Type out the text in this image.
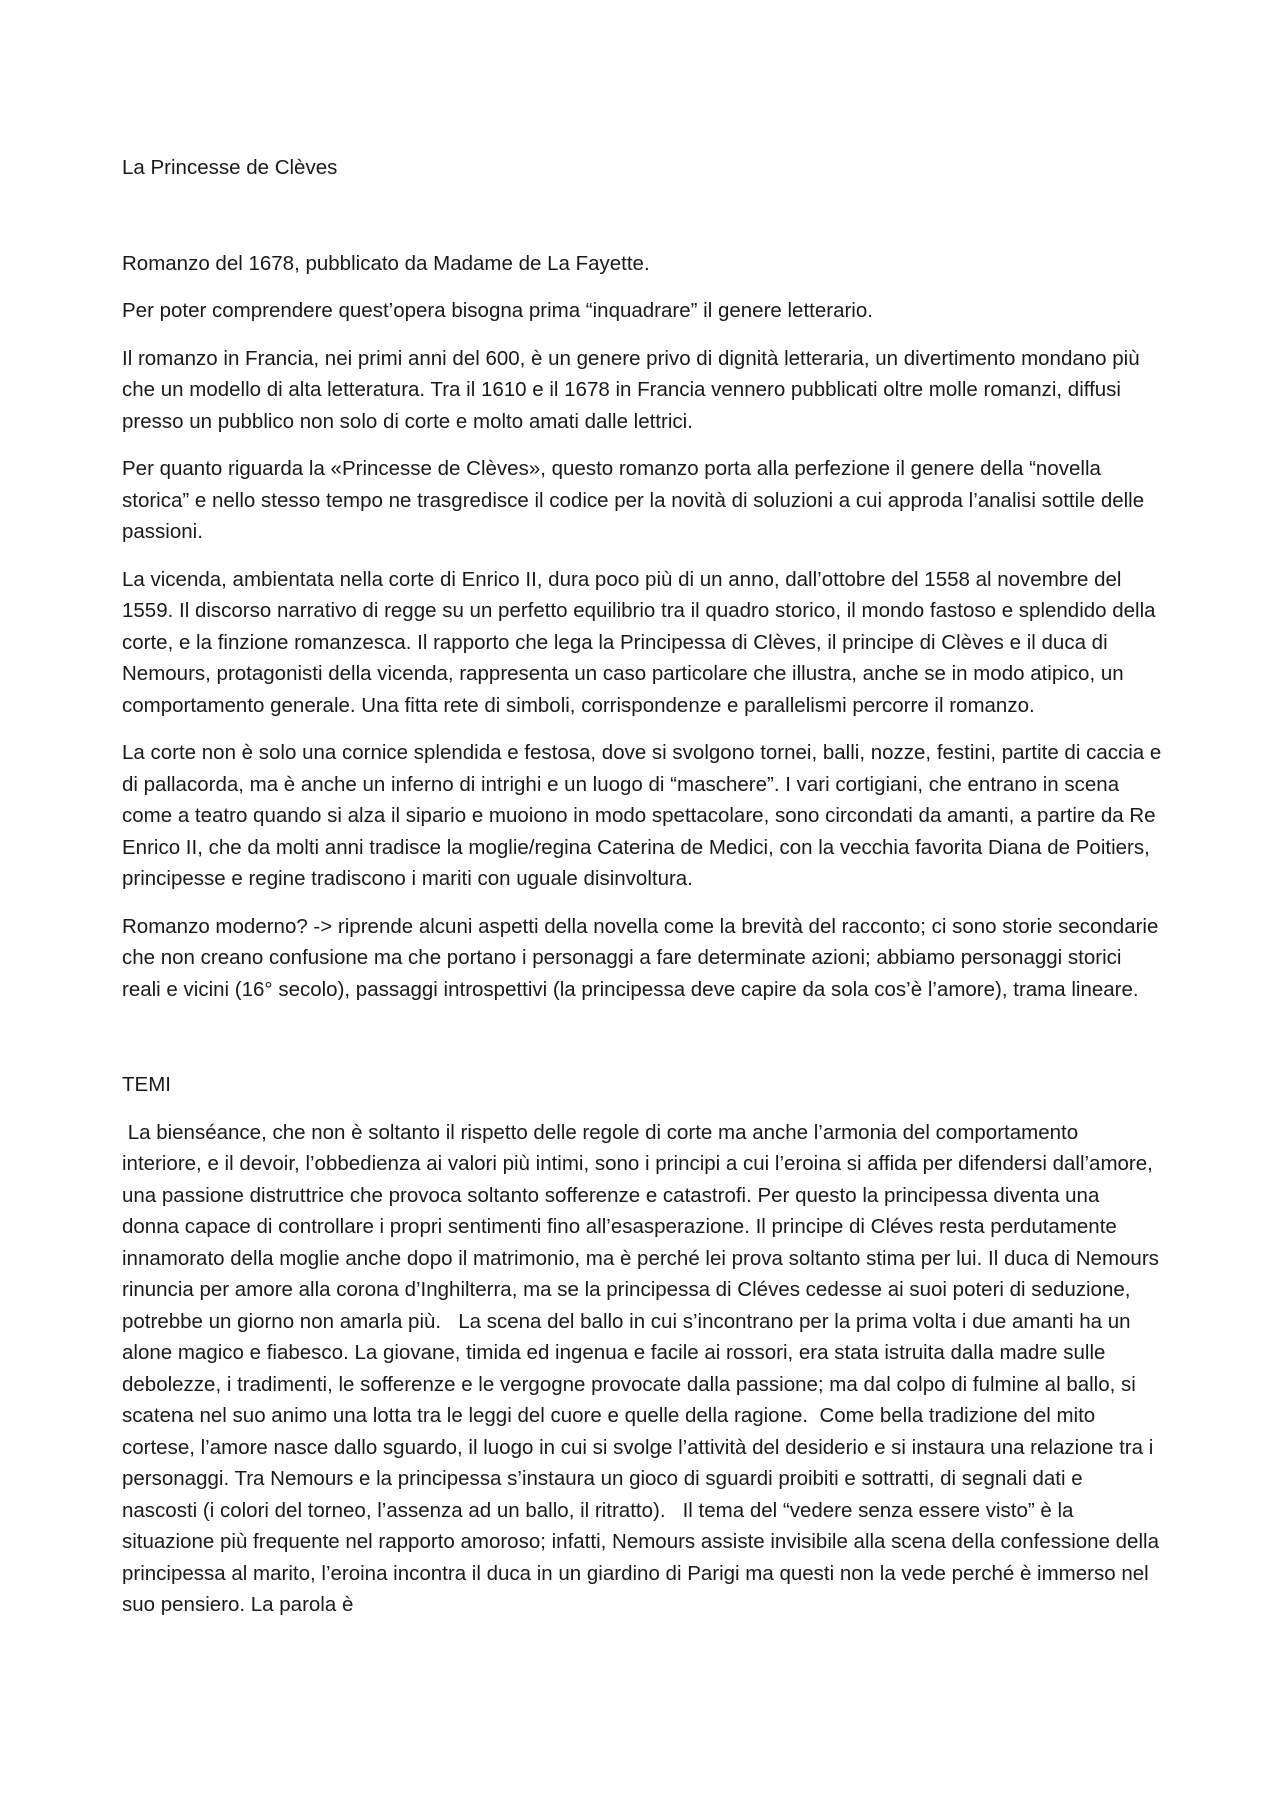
La Princesse de Clèves

Romanzo del 1678, pubblicato da Madame de La Fayette.

Per poter comprendere quest’opera bisogna prima “inquadrare” il genere letterario.

Il romanzo in Francia, nei primi anni del 600, è un genere privo di dignità letteraria, un divertimento mondano più che un modello di alta letteratura. Tra il 1610 e il 1678 in Francia vennero pubblicati oltre molle romanzi, diffusi presso un pubblico non solo di corte e molto amati dalle lettrici.

Per quanto riguarda la «Princesse de Clèves», questo romanzo porta alla perfezione il genere della “novella storica” e nello stesso tempo ne trasgredisce il codice per la novità di soluzioni a cui approda l’analisi sottile delle passioni.

La vicenda, ambientata nella corte di Enrico II, dura poco più di un anno, dall’ottobre del 1558 al novembre del 1559. Il discorso narrativo di regge su un perfetto equilibrio tra il quadro storico, il mondo fastoso e splendido della corte, e la finzione romanzesca. Il rapporto che lega la Principessa di Clèves, il principe di Clèves e il duca di Nemours, protagonisti della vicenda, rappresenta un caso particolare che illustra, anche se in modo atipico, un comportamento generale. Una fitta rete di simboli, corrispondenze e parallelismi percorre il romanzo.

La corte non è solo una cornice splendida e festosa, dove si svolgono tornei, balli, nozze, festini, partite di caccia e di pallacorda, ma è anche un inferno di intrighi e un luogo di “maschere”. I vari cortigiani, che entrano in scena come a teatro quando si alza il sipario e muoiono in modo spettacolare, sono circondati da amanti, a partire da Re Enrico II, che da molti anni tradisce la moglie/regina Caterina de Medici, con la vecchia favorita Diana de Poitiers, principesse e regine tradiscono i mariti con uguale disinvoltura.

Romanzo moderno? -> riprende alcuni aspetti della novella come la brevità del racconto; ci sono storie secondarie che non creano confusione ma che portano i personaggi a fare determinate azioni; abbiamo personaggi storici reali e vicini (16° secolo), passaggi introspettivi (la principessa deve capire da sola cos’è l’amore), trama lineare.

TEMI

La bienséance, che non è soltanto il rispetto delle regole di corte ma anche l’armonia del comportamento interiore, e il devoir, l’obbedienza ai valori più intimi, sono i principi a cui l’eroina si affida per difendersi dall’amore, una passione distruttrice che provoca soltanto sofferenze e catastrofi. Per questo la principessa diventa una donna capace di controllare i propri sentimenti fino all’esasperazione. Il principe di Cléves resta perdutamente innamorato della moglie anche dopo il matrimonio, ma è perché lei prova soltanto stima per lui. Il duca di Nemours rinuncia per amore alla corona d’Inghilterra, ma se la principessa di Cléves cedesse ai suoi poteri di seduzione, potrebbe un giorno non amarla più.   La scena del ballo in cui s’incontrano per la prima volta i due amanti ha un alone magico e fiabesco. La giovane, timida ed ingenua e facile ai rossori, era stata istruita dalla madre sulle debolezze, i tradimenti, le sofferenze e le vergogne provocate dalla passione; ma dal colpo di fulmine al ballo, si scatena nel suo animo una lotta tra le leggi del cuore e quelle della ragione.  Come bella tradizione del mito cortese, l’amore nasce dallo sguardo, il luogo in cui si svolge l’attività del desiderio e si instaura una relazione tra i personaggi. Tra Nemours e la principessa s’instaura un gioco di sguardi proibiti e sottratti, di segnali dati e nascosti (i colori del torneo, l’assenza ad un ballo, il ritratto).   Il tema del “vedere senza essere visto” è la situazione più frequente nel rapporto amoroso; infatti, Nemours assiste invisibile alla scena della confessione della principessa al marito, l’eroina incontra il duca in un giardino di Parigi ma questi non la vede perché è immerso nel suo pensiero. La parola è
